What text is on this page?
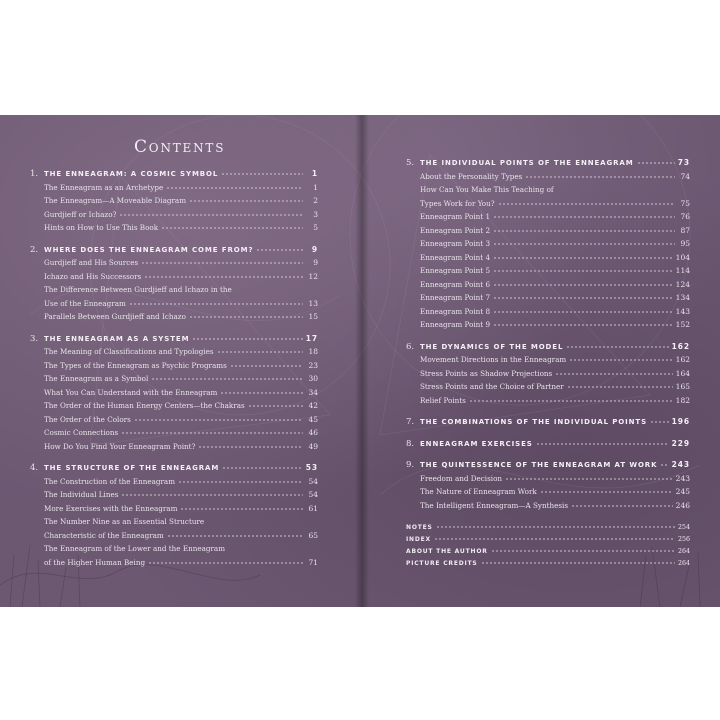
Contents
1. THE ENNEAGRAM: A COSMIC SYMBOL	1
The Enneagram as an Archetype	1
The Enneagram—A Moveable Diagram	2
Gurdjieff or Ichazo?	3
Hints on How to Use This Book	5
2. WHERE DOES THE ENNEAGRAM COME FROM?	9
Gurdjieff and His Sources	9
Ichazo and His Successors	12
The Difference Between Gurdjieff and Ichazo in the
Use of the Enneagram	13
Parallels Between Gurdjieff and Ichazo	15
3. THE ENNEAGRAM AS A SYSTEM	17
The Meaning of Classifications and Typologies	18
The Types of the Enneagram as Psychic Programs	23
The Enneagram as a Symbol	30
What You Can Understand with the Enneagram	34
The Order of the Human Energy Centers—the Chakras	42
The Order of the Colors	45
Cosmic Connections	46
How Do You Find Your Enneagram Point?	49
4. THE STRUCTURE OF THE ENNEAGRAM	53
The Construction of the Enneagram	54
The Individual Lines	54
More Exercises with the Enneagram	61
The Number Nine as an Essential Structure
Characteristic of the Enneagram	65
The Enneagram of the Lower and the Enneagram
of the Higher Human Being	71
5. THE INDIVIDUAL POINTS OF THE ENNEAGRAM	73
About the Personality Types	74
How Can You Make This Teaching of
Types Work for You?	75
Enneagram Point 1	76
Enneagram Point 2	87
Enneagram Point 3	95
Enneagram Point 4	104
Enneagram Point 5	114
Enneagram Point 6	124
Enneagram Point 7	134
Enneagram Point 8	143
Enneagram Point 9	152
6. THE DYNAMICS OF THE MODEL	162
Movement Directions in the Enneagram	162
Stress Points as Shadow Projections	164
Stress Points and the Choice of Partner	165
Relief Points	182
7. THE COMBINATIONS OF THE INDIVIDUAL POINTS	196
8. ENNEAGRAM EXERCISES	229
9. THE QUINTESSENCE OF THE ENNEAGRAM AT WORK 243
Freedom and Decision	243
The Nature of Enneagram Work	245
The Intelligent Enneagram—A Synthesis	246
NOTES	254
INDEX	256
ABOUT THE AUTHOR	264
PICTURE CREDITS	264
